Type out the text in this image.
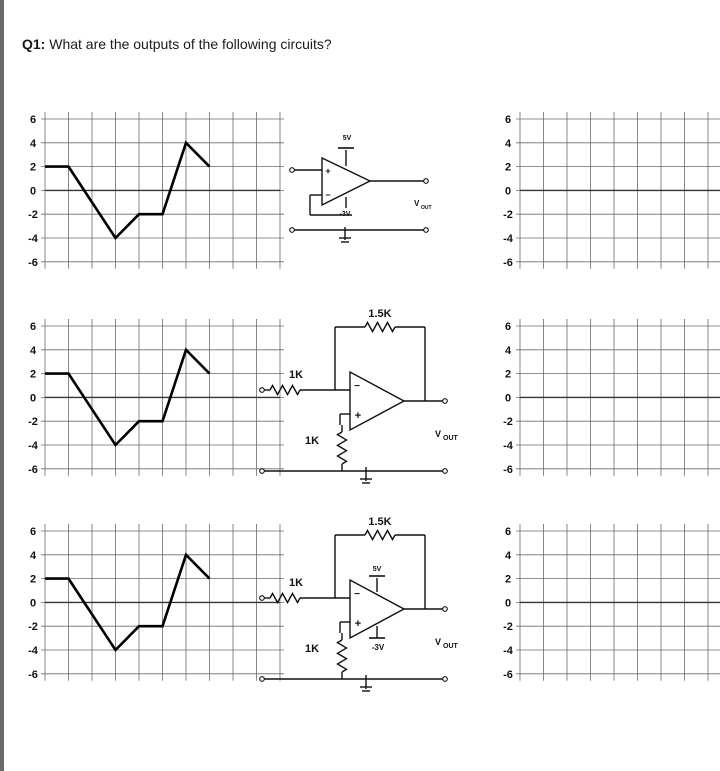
Q1: What are the outputs of the following circuits?
6
4
2
0
-2
-4
-6
6
4
2
0
-2
-4
-6
6
4
2
0
-2
-4
-6
6
4
2
0
-2
-4
-6
6
4
2
0
-2
-4
-6
6
4
2
0
-2
-4
-6
+
−
5V
-3V
V OUT
−
+
1K
1.5K
1K
V OUT
−
+
1K
1.5K
1K
V OUT
5V
-3V
